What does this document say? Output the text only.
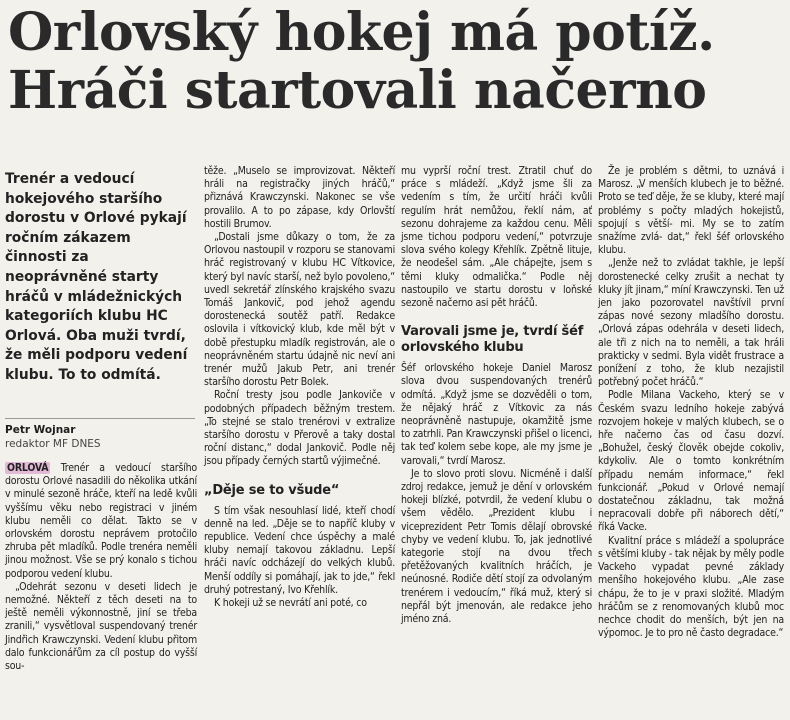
Orlovský hokej má potíž.
Hráči startovali načerno
Trenér a vedoucí hokejového staršího dorostu v Orlové pykají ročním zákazem činnosti za neoprávněné starty hráčů v mládežnických kategoriích klubu HC Orlová. Oba muži tvrdí, že měli podporu vedení klubu. To to odmítá.
Petr Wojnar
redaktor MF DNES

ORLOVÁ Trenér a vedoucí staršího dorostu Orlové nasadili do několika utkání v minulé sezoně hráče, kteří na ledě kvůli vyššímu věku nebo registraci v jiném klubu neměli co dělat. Takto se v orlovském dorostu neprávem protočilo zhruba pět mladíků. Podle trenéra neměli jinou možnost. Vše se prý konalo s tichou podporou vedení klubu.

„Odehrát sezonu v deseti lidech je nemožné. Někteří z těch deseti na to ještě neměli výkonnostně, jiní se třeba zranili,“ vysvětloval suspendovaný trenér Jindřich Krawczynski. Vedení klubu přitom dalo funkcionářům za cíl postup do vyšší sou-

těže. „Muselo se improvizovat. Někteří hráli na registračky jiných hráčů,“ přiznává Krawczynski. Nakonec se vše provalilo. A to po zápase, kdy Orlovští hostili Brumov.

„Dostali jsme důkazy o tom, že za Orlovou nastoupil v rozporu se stanovami hráč registrovaný v klubu HC Vítkovice, který byl navíc starší, než bylo povoleno,“ uvedl sekretář zlínského krajského svazu Tomáš Jankovič, pod jehož agendu dorostenecká soutěž patří. Redakce oslovila i vítkovický klub, kde měl být v době přestupku mladík registrován, ale o neoprávněném startu údajně nic neví ani trenér mužů Jakub Petr, ani trenér staršího dorostu Petr Bolek.

Roční tresty jsou podle Jankoviče v podobných případech běžným trestem. „To stejné se stalo trenérovi v extralize staršího dorostu v Přerově a taky dostal roční distanc,“ dodal Jankovič. Podle něj jsou případy černých startů výjimečné.

„Děje se to všude“

S tím však nesouhlasí lidé, kteří chodí denně na led. „Děje se to napříč kluby v republice. Vedení chce úspěchy a malé kluby nemají takovou základnu. Lepší hráči navíc odcházejí do velkých klubů. Menší oddíly si pomáhají, jak to jde,“ řekl druhý potrestaný, Ivo Křehlík.

K hokeji už se nevrátí ani poté, co

mu vyprší roční trest. Ztratil chuť do práce s mládeží. „Když jsme šli za vedením s tím, že určití hráči kvůli regulím hrát nemůžou, řeklí nám, ať sezonu dohrajeme za každou cenu. Měli jsme tichou podporu vedení,“ potvrzuje slova svého kolegy Křehlík. Zpětně lituje, že neodešel sám. „Ale chápejte, jsem s těmi kluky odmalička.“ Podle něj nastoupilo ve startu dorostu v loňské sezoně načerno asi pět hráčů.

Varovali jsme je, tvrdí šéf orlovského klubu

Šéf orlovského hokeje Daniel Marosz slova dvou suspendovaných trenérů odmítá. „Když jsme se dozvěděli o tom, že nějaký hráč z Vítkovic za nás neoprávněně nastupuje, okamžitě jsme to zatrhli. Pan Krawczynski přišel o licenci, tak teď kolem sebe kope, ale my jsme je varovali,“ tvrdí Marosz.

Je to slovo proti slovu. Nicméně i další zdroj redakce, jemuž je dění v orlovském hokeji blízké, potvrdil, že vedení klubu o všem vědělo. „Prezident klubu i viceprezident Petr Tomis dělají obrovské chyby ve vedení klubu. To, jak jednotlivé kategorie stojí na dvou třech přetěžovaných kvalitních hráčích, je neúnosné. Rodiče dětí stojí za odvolaným trenérem i vedoucím,“ říká muž, který si nepřál být jmenován, ale redakce jeho jméno zná.

Že je problém s dětmi, to uznává i Marosz. „V menších klubech je to běžné. Proto se teď děje, že se kluby, které mají problémy s počty mladých hokejistů, spojují s větší- mi. My se to zatím snažíme zvlá- dat,“ řekl šéf orlovského klubu.

„Jenže než to zvládat takhle, je lepší dorostenecké celky zrušit a nechat ty kluky jít jinam,“ míní Krawczynski. Ten už jen jako pozorovatel navštívil první zápas nové sezony mladšího dorostu. „Orlová zápas odehrála v deseti lidech, ale tři z nich na to neměli, a tak hráli prakticky v sedmi. Byla vidět frustrace a ponížení z toho, že klub nezajistil potřebný počet hráčů.“

Podle Milana Vackeho, který se v Českém svazu ledního hokeje zabývá rozvojem hokeje v malých klubech, se o hře načerno čas od času dozví. „Bohužel, český člověk obejde cokoliv, kdykoliv. Ale o tomto konkrétním případu nemám informace,“ řekl funkcionář. „Pokud v Orlové nemají dostatečnou základnu, tak možná nepracovali dobře při náborech dětí,“ říká Vacke.

Kvalitní práce s mládeží a spolupráce s většími kluby - tak nějak by měly podle Vackeho vypadat pevné základy menšího hokejového klubu. „Ale zase chápu, že to je v praxi složité. Mladým hráčům se z renomovaných klubů moc nechce chodit do menších, být jen na výpomoc. Je to pro ně často degradace.“
